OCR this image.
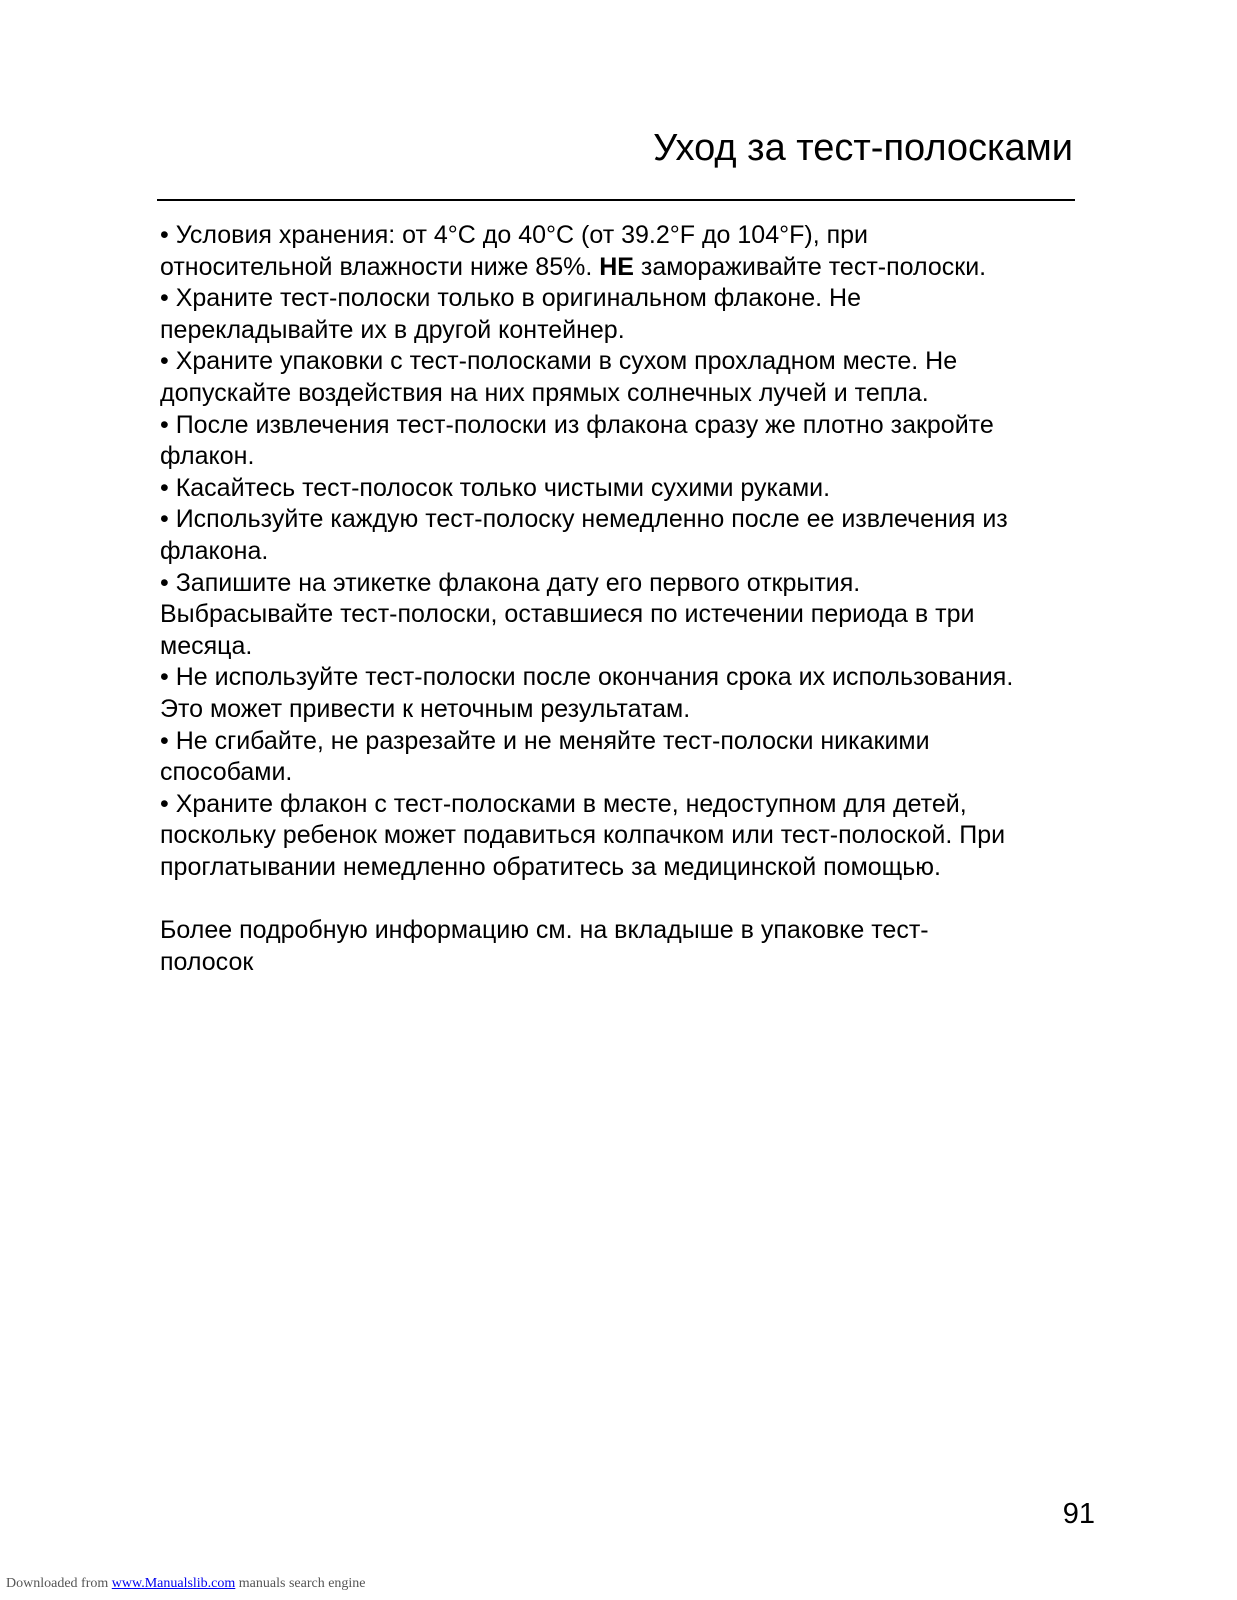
Уход за тест-полосками
• Условия хранения: от 4°C до 40°C (от 39.2°F до 104°F), при
относительной влажности ниже 85%. НЕ замораживайте тест-полоски.
• Храните тест-полоски только в оригинальном флаконе. Не
перекладывайте их в другой контейнер.
• Храните упаковки с тест-полосками в сухом прохладном месте. Не
допускайте воздействия на них прямых солнечных лучей и тепла.
• После извлечения тест-полоски из флакона сразу же плотно закройте
флакон.
• Касайтесь тест-полосок только чистыми сухими руками.
• Используйте каждую тест-полоску немедленно после ее извлечения из
флакона.
• Запишите на этикетке флакона дату его первого открытия.
Выбрасывайте тест-полоски, оставшиеся по истечении периода в три
месяца.
• Не используйте тест-полоски после окончания срока их использования.
Это может привести к неточным результатам.
• Не сгибайте, не разрезайте и не меняйте тест-полоски никакими
способами.
• Храните флакон с тест-полосками в месте, недоступном для детей,
поскольку ребенок может подавиться колпачком или тест-полоской. При
проглатывании немедленно обратитесь за медицинской помощью.
Более подробную информацию см. на вкладыше в упаковке тест-
полосок
91
Downloaded from www.Manualslib.com manuals search engine
